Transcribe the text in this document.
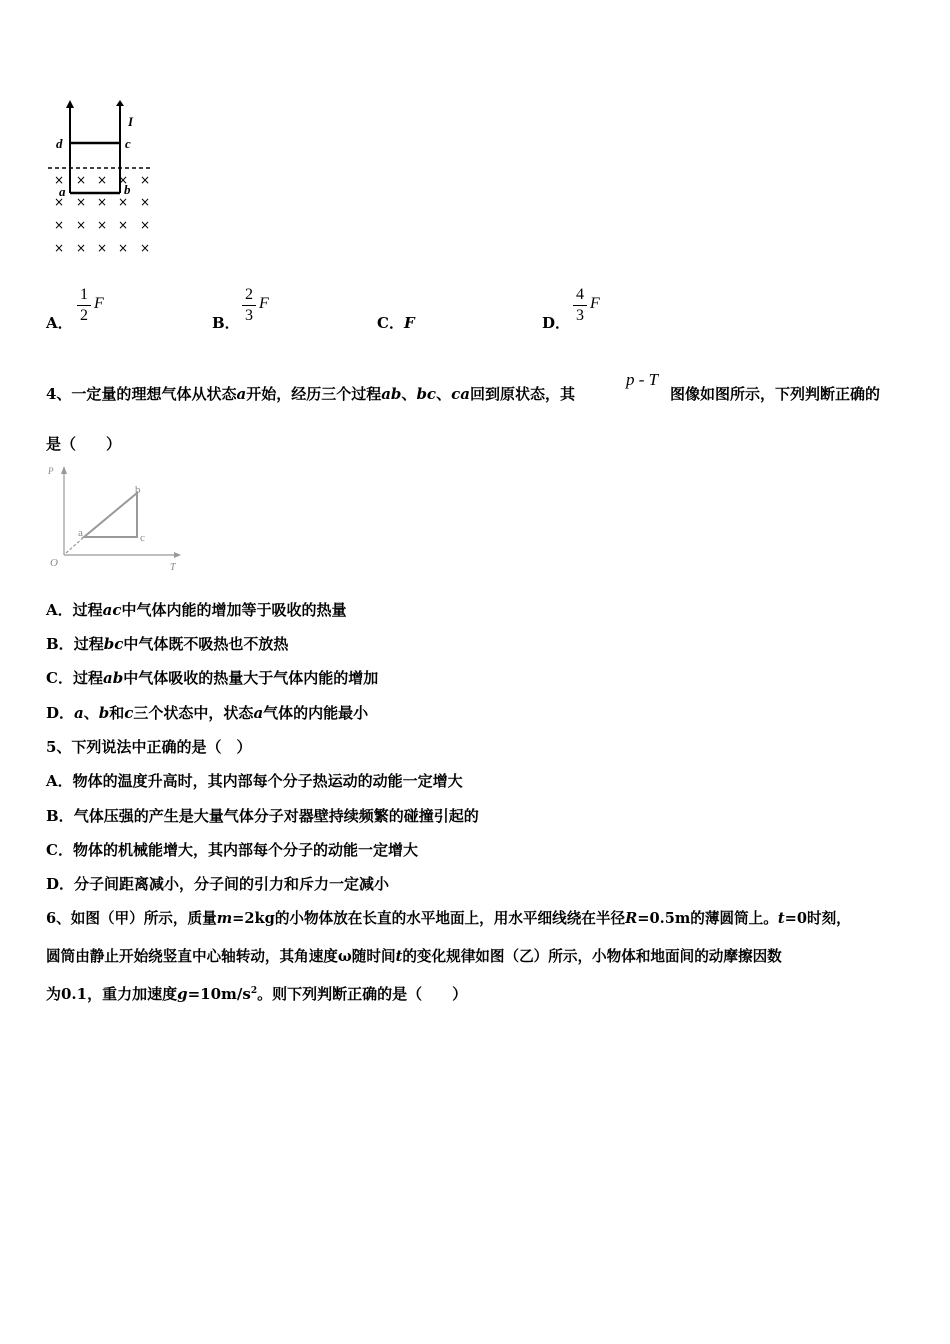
d	c
a	b
I
× × × × ×
× × × × ×
× × × × ×
× × × × ×
A．
1
2
F
B．
2
3
F
C．F	D．
4
3
F
4、一定量的理想气体从状态a开始，经历三个过程ab、bc、ca回到原状态，其
p - T
图像如图所示，下列判断正确的
是（　　）
P
T
O
a
b
c
A．过程ac中气体内能的增加等于吸收的热量
B．过程bc中气体既不吸热也不放热
C．过程ab中气体吸收的热量大于气体内能的增加
D．a、b和c三个状态中，状态a气体的内能最小
5、下列说法中正确的是（　）
A．物体的温度升高时，其内部每个分子热运动的动能一定增大
B．气体压强的产生是大量气体分子对器壁持续频繁的碰撞引起的
C．物体的机械能增大，其内部每个分子的动能一定增大
D．分子间距离减小，分子间的引力和斥力一定减小
6、如图（甲）所示，质量m=2kg的小物体放在长直的水平地面上，用水平细线绕在半径R=0.5m的薄圆筒上。t=0时刻，
圆筒由静止开始绕竖直中心轴转动，其角速度ω随时间t的变化规律如图（乙）所示，小物体和地面间的动摩擦因数
为0.1，重力加速度$g=10m/s^2$。则下列判断正确的是（　　）
